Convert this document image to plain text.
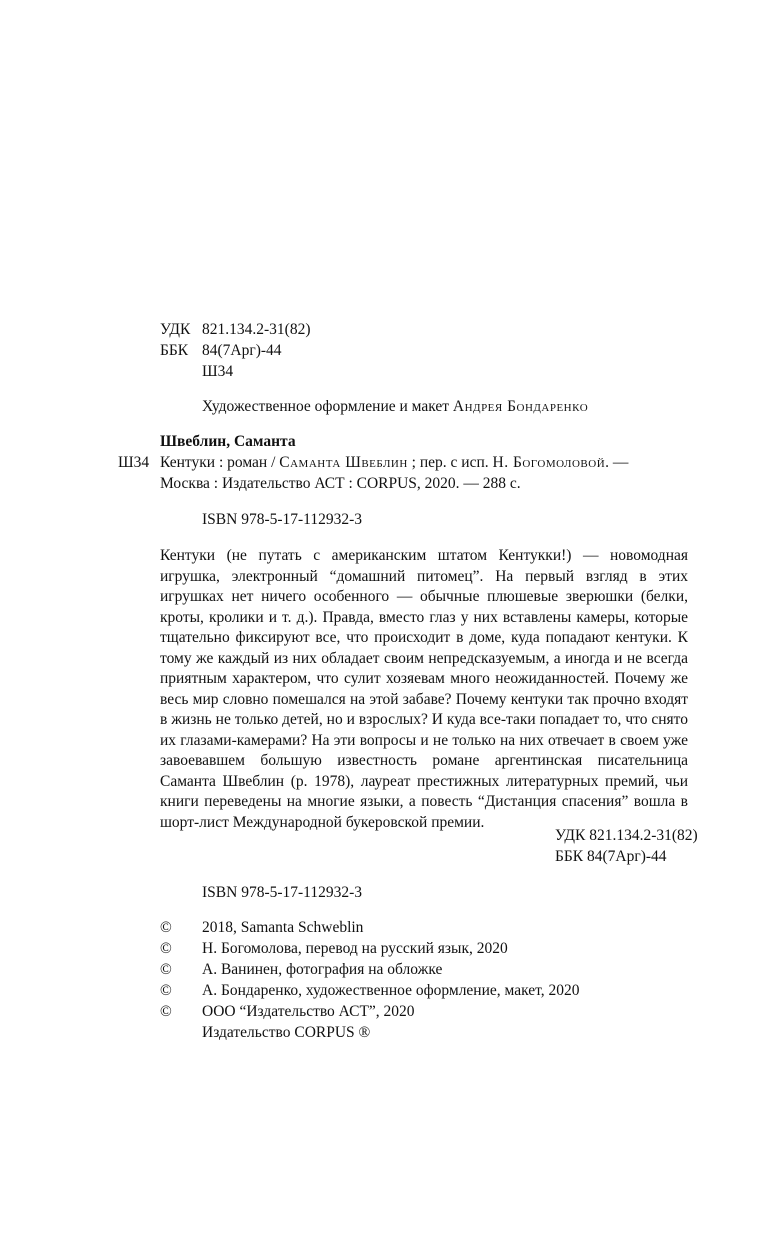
УДК 821.134.2-31(82)
ББК 84(7Арг)-44
Ш34
Художественное оформление и макет Андрея Бондаренко
Швеблин, Саманта
Ш34 Кентуки : роман / Саманта Швеблин ; пер. с исп. Н. Богомоловой. —
Москва : Издательство АСТ : CORPUS, 2020. — 288 с.
ISBN 978-5-17-112932-3

Кентуки (не путать с американским штатом Кентукки!) — новомодная игрушка, электронный “домашний питомец”. На первый взгляд в этих игрушках нет ничего особенного — обычные плюшевые зверюшки (белки, кроты, кролики и т. д.). Правда, вместо глаз у них вставлены камеры, которые тщательно фиксируют все, что происходит в доме, куда попадают кентуки. К тому же каждый из них обладает своим непредсказуемым, а иногда и не всегда приятным характером, что сулит хозяевам много неожиданностей. Почему же весь мир словно помешался на этой забаве? Почему кентуки так прочно входят в жизнь не только детей, но и взрослых? И куда все-таки попадает то, что снято их глазами-камерами? На эти вопросы и не только на них отвечает в своем уже завоевавшем большую известность романе аргентинская писательница Саманта Швеблин (р. 1978), лауреат престижных литературных премий, чьи книги переведены на многие языки, а повесть “Дистанция спасения” вошла в шорт-лист Международной букеровской премии.

УДК 821.134.2-31(82)
ББК 84(7Арг)-44
ISBN 978-5-17-112932-3
© 2018, Samanta Schweblin
© Н. Богомолова, перевод на русский язык, 2020
© А. Ванинен, фотография на обложке
© А. Бондаренко, художественное оформление, макет, 2020
© ООО “Издательство АСТ”, 2020
Издательство CORPUS ®
